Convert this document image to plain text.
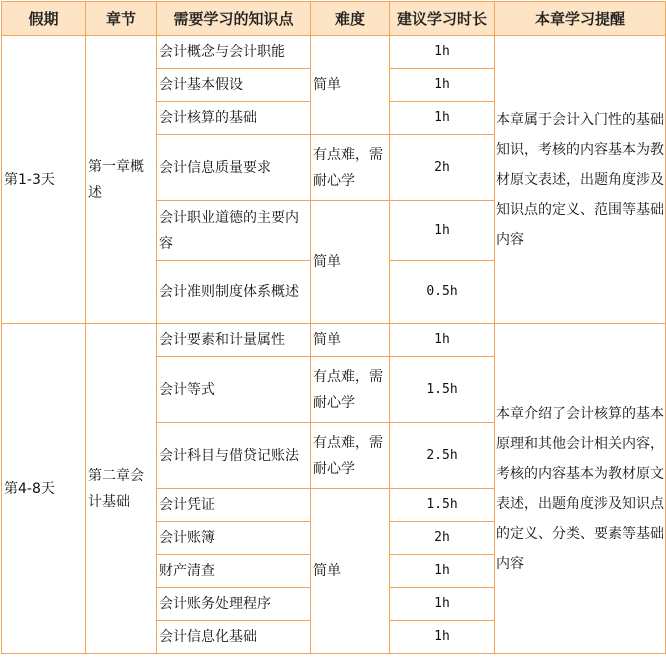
假期	章节	需要学习的知识点	难度	建议学习时长	本章学习提醒
第1-3天	第一章概述	会计概念与会计职能	简单	1h	本章属于会计入门性的基础知识，考核的内容基本为教材原文表述，出题角度涉及知识点的定义、范围等基础内容
		会计基本假设		1h	
		会计核算的基础		1h	
		会计信息质量要求	有点难，需耐心学	2h	
		会计职业道德的主要内容	简单	1h	

		会计准则制度体系概述		0.5h	

第4-8天	第二章会计基础	会计要素和计量属性	简单	1h	本章介绍了会计核算的基本原理和其他会计相关内容，考核的内容基本为教材原文表述，出题角度涉及知识点的定义、分类、要素等基础内容
		会计等式	有点难，需耐心学	1.5h	
		会计科目与借贷记账法	有点难，需耐心学	2.5h	
		会计凭证	简单	1.5h	
		会计账簿		2h	
		财产清查		1h	
		会计账务处理程序		1h	
		会计信息化基础		1h	
